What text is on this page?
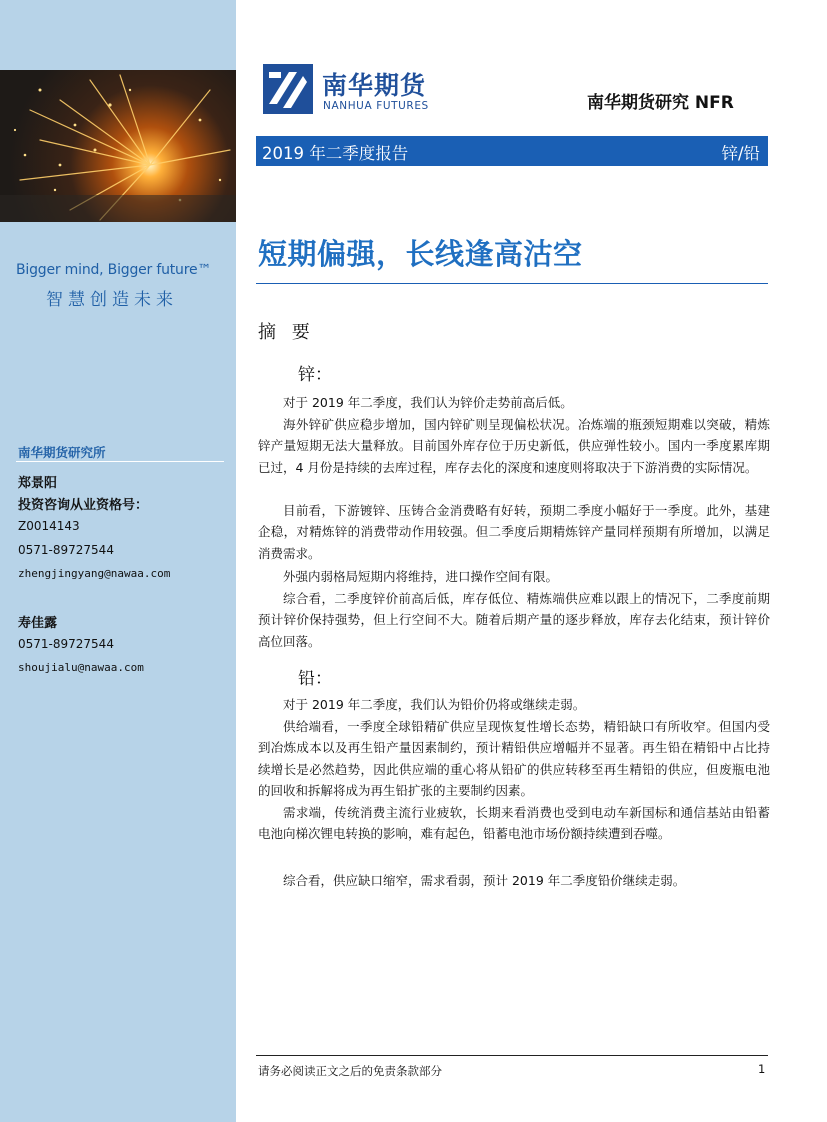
Bigger mind, Bigger future™
智慧创造未来
南华期货研究所
郑景阳
投资咨询从业资格号：
Z0014143
0571-89727544
zhengjingyang@nawaa.com
寿佳露
0571-89727544
shoujialu@nawaa.com
南华期货
NANHUA FUTURES	南华期货研究 NFR
2019 年二季度报告	锌/铅
短期偏强，长线逢高沽空
摘 要
锌：

对于 2019 年二季度，我们认为锌价走势前高后低。

海外锌矿供应稳步增加，国内锌矿则呈现偏松状况。冶炼端的瓶颈短期难以突破，精炼锌产量短期无法大量释放。目前国外库存位于历史新低，供应弹性较小。国内一季度累库期已过，4 月份是持续的去库过程，库存去化的深度和速度则将取决于下游消费的实际情况。

目前看，下游镀锌、压铸合金消费略有好转，预期二季度小幅好于一季度。此外，基建企稳，对精炼锌的消费带动作用较强。但二季度后期精炼锌产量同样预期有所增加，以满足消费需求。

外强内弱格局短期内将维持，进口操作空间有限。

综合看，二季度锌价前高后低，库存低位、精炼端供应难以跟上的情况下，二季度前期预计锌价保持强势，但上行空间不大。随着后期产量的逐步释放，库存去化结束，预计锌价高位回落。

铅：

对于 2019 年二季度，我们认为铅价仍将或继续走弱。

供给端看，一季度全球铅精矿供应呈现恢复性增长态势，精铅缺口有所收窄。但国内受到冶炼成本以及再生铅产量因素制约，预计精铅供应增幅并不显著。再生铅在精铅中占比持续增长是必然趋势，因此供应端的重心将从铅矿的供应转移至再生精铅的供应，但废瓶电池的回收和拆解将成为再生铅扩张的主要制约因素。

需求端，传统消费主流行业疲软，长期来看消费也受到电动车新国标和通信基站由铅蓄电池向梯次锂电转换的影响，难有起色，铅蓄电池市场份额持续遭到吞噬。

综合看，供应缺口缩窄，需求看弱，预计 2019 年二季度铅价继续走弱。

请务必阅读正文之后的免责条款部分	1
